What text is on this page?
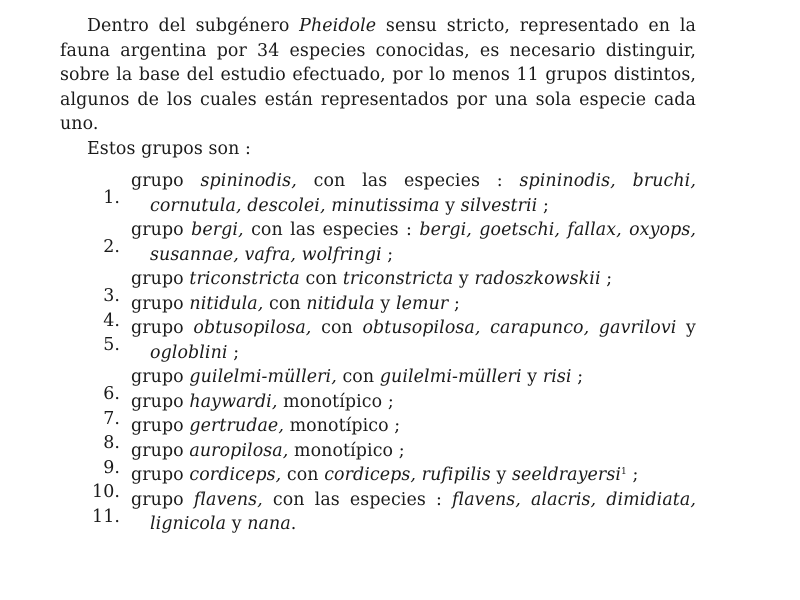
Dentro del subgénero Pheidole sensu stricto, representado en la fauna argentina por 34 especies conocidas, es necesario distinguir, sobre la base del estudio efectuado, por lo menos 11 grupos distintos, algunos de los cuales están representados por una sola especie cada uno.

Estos grupos son :

1.
grupo spininodis, con las especies : spininodis, bruchi, cornutula, descolei, minutissima y silvestrii ;
2.
grupo bergi, con las especies : bergi, goetschi, fallax, oxyops, susannae, vafra, wolfringi ;
3.
grupo triconstricta con triconstricta y radoszkowskii ;
4.
grupo nitidula, con nitidula y lemur ;
5.
grupo obtusopilosa, con obtusopilosa, carapunco, gavrilovi y ogloblini ;
6.
grupo guilelmi-mülleri, con guilelmi-mülleri y risi ;
7.
grupo haywardi, monotípico ;
8.
grupo gertrudae, monotípico ;
9.
grupo auropilosa, monotípico ;
10.
grupo cordiceps, con cordiceps, rufipilis y seeldrayersi$^1$ ;
11.
grupo flavens, con las especies : flavens, alacris, dimidiata, lignicola y nana.
